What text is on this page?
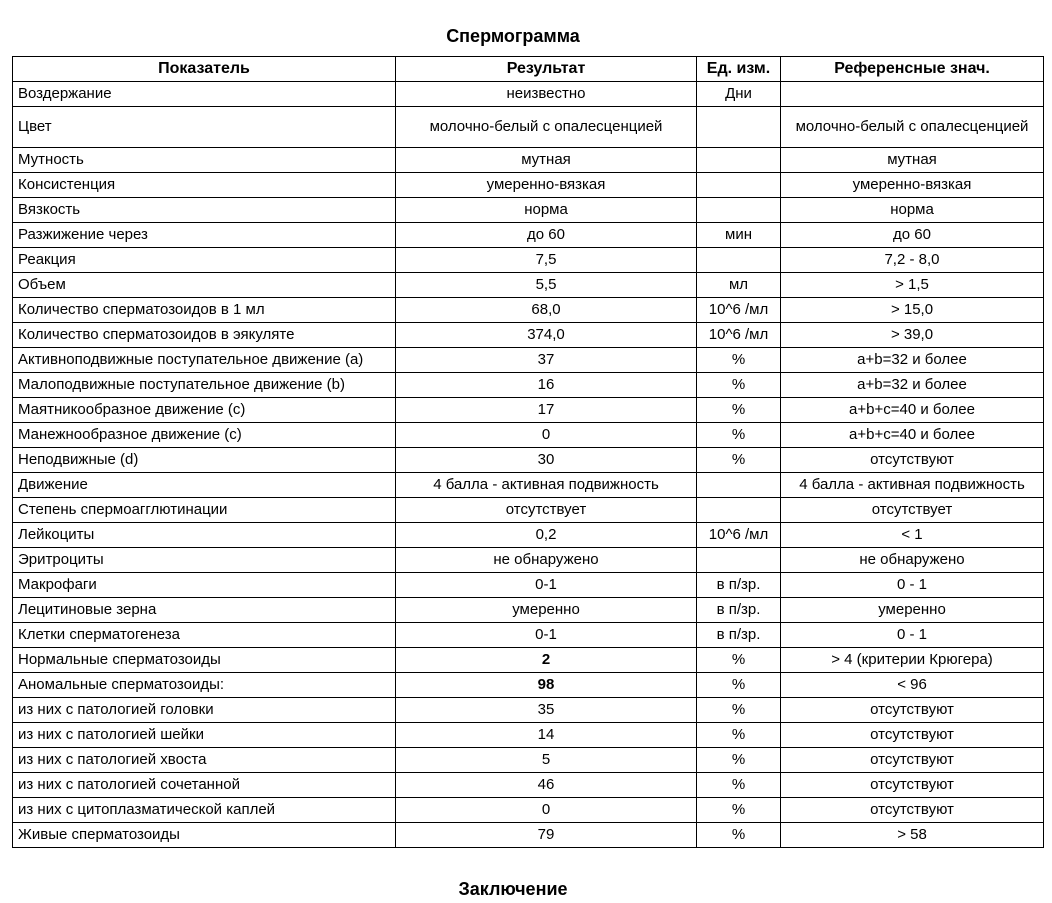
Спермограмма
Показатель	Результат	Ед. изм.	Референсные знач.
Воздержание	неизвестно	Дни	
Цвет	молочно-белый с опалесценцией		молочно-белый с опалесценцией
Мутность	мутная		мутная
Консистенция	умеренно-вязкая		умеренно-вязкая
Вязкость	норма		норма
Разжижение через	до 60	мин	до 60
Реакция	7,5		7,2 - 8,0
Объем	5,5	мл	> 1,5
Количество сперматозоидов в 1 мл	68,0	10^6 /мл	> 15,0
Количество сперматозоидов в эякуляте	374,0	10^6 /мл	> 39,0
Активноподвижные поступательное движение (а)	37	%	a+b=32 и более
Малоподвижные поступательное движение (b)	16	%	a+b=32 и более
Маятникообразное движение (с)	17	%	a+b+c=40 и более
Манежнообразное движение (с)	0	%	a+b+c=40 и более
Неподвижные (d)	30	%	отсутствуют
Движение	4 балла - активная подвижность		4 балла - активная подвижность
Степень спермоагглютинации	отсутствует		отсутствует
Лейкоциты	0,2	10^6 /мл	< 1
Эритроциты	не обнаружено		не обнаружено
Макрофаги	0-1	в п/зр.	0 - 1
Лецитиновые зерна	умеренно	в п/зр.	умеренно
Клетки сперматогенеза	0-1	в п/зр.	0 - 1
Нормальные сперматозоиды	2	%	> 4 (критерии Крюгера)
Аномальные сперматозоиды:	98	%	< 96
из них с патологией головки	35	%	отсутствуют
из них с патологией шейки	14	%	отсутствуют
из них с патологией хвоста	5	%	отсутствуют
из них с патологией сочетанной	46	%	отсутствуют
из них с цитоплазматической каплей	0	%	отсутствуют
Живые сперматозоиды	79	%	> 58
Заключение
